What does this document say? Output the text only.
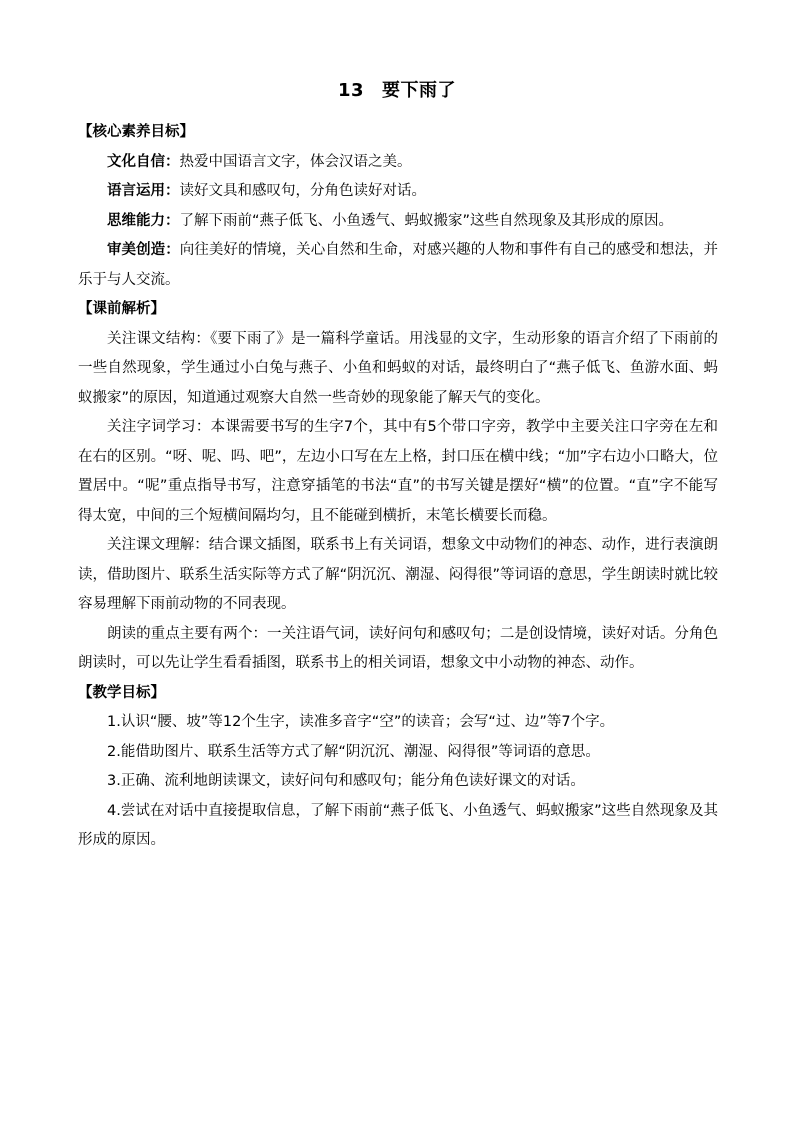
13 要下雨了

【核心素养目标】

文化自信：热爱中国语言文字，体会汉语之美。

语言运用：读好文具和感叹句，分角色读好对话。

思维能力：了解下雨前“燕子低飞、小鱼透气、蚂蚁搬家”这些自然现象及其形成的原因。

审美创造：向往美好的情境，关心自然和生命，对感兴趣的人物和事件有自己的感受和想法，并乐于与人交流。

【课前解析】

关注课文结构：《要下雨了》是一篇科学童话。用浅显的文字，生动形象的语言介绍了下雨前的一些自然现象，学生通过小白兔与燕子、小鱼和蚂蚁的对话，最终明白了“燕子低飞、鱼游水面、蚂蚁搬家”的原因，知道通过观察大自然一些奇妙的现象能了解天气的变化。

关注字词学习：本课需要书写的生字7个，其中有5个带口字旁，教学中主要关注口字旁在左和在右的区别。“呀、呢、吗、吧”，左边小口写在左上格，封口压在横中线；“加”字右边小口略大，位置居中。“呢”重点指导书写，注意穿插笔的书法“直”的书写关键是摆好“横”的位置。“直”字不能写得太宽，中间的三个短横间隔均匀，且不能碰到横折，末笔长横要长而稳。

关注课文理解：结合课文插图，联系书上有关词语，想象文中动物们的神态、动作，进行表演朗读，借助图片、联系生活实际等方式了解“阴沉沉、潮湿、闷得很”等词语的意思，学生朗读时就比较容易理解下雨前动物的不同表现。

朗读的重点主要有两个：一关注语气词，读好问句和感叹句；二是创设情境，读好对话。分角色朗读时，可以先让学生看看插图，联系书上的相关词语，想象文中小动物的神态、动作。

【教学目标】

1.认识“腰、坡”等12个生字，读准多音字“空”的读音；会写“过、边”等7个字。

2.能借助图片、联系生活等方式了解“阴沉沉、潮湿、闷得很”等词语的意思。

3.正确、流利地朗读课文，读好问句和感叹句；能分角色读好课文的对话。

4.尝试在对话中直接提取信息，了解下雨前“燕子低飞、小鱼透气、蚂蚁搬家”这些自然现象及其形成的原因。
